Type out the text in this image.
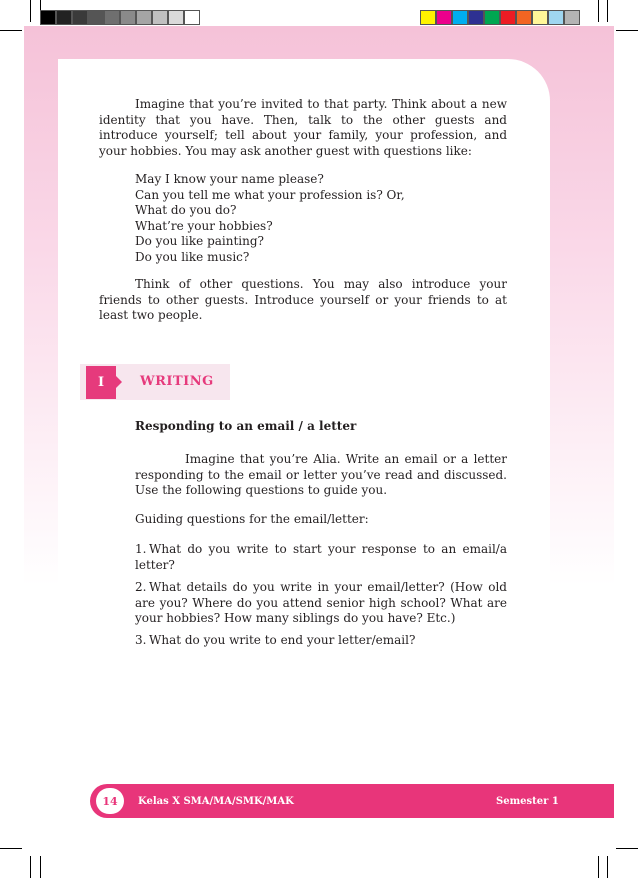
Imagine that you’re invited to that party. Think about a new identity that you have. Then, talk to the other guests and introduce yourself; tell about your family, your profession, and your hobbies. You may ask another guest with questions like:

May I know your name please?
Can you tell me what your profession is? Or,
What do you do?
What’re your hobbies?
Do you like painting?
Do you like music?

Think of other questions. You may also introduce your friends to other guests. Introduce yourself or your friends to at least two people.

I	WRITING
Responding to an email / a letter

Imagine that you’re Alia. Write an email or a letter responding to the email or letter you’ve read and discussed. Use the following questions to guide you.

Guiding questions for the email/letter:
1. What do you write to start your response to an email/a letter?
2. What details do you write in your email/letter? (How old are you? Where do you attend senior high school? What are your hobbies? How many siblings do you have? Etc.)
3. What do you write to end your letter/email?
14	Kelas X SMA/MA/SMK/MAK	Semester 1
